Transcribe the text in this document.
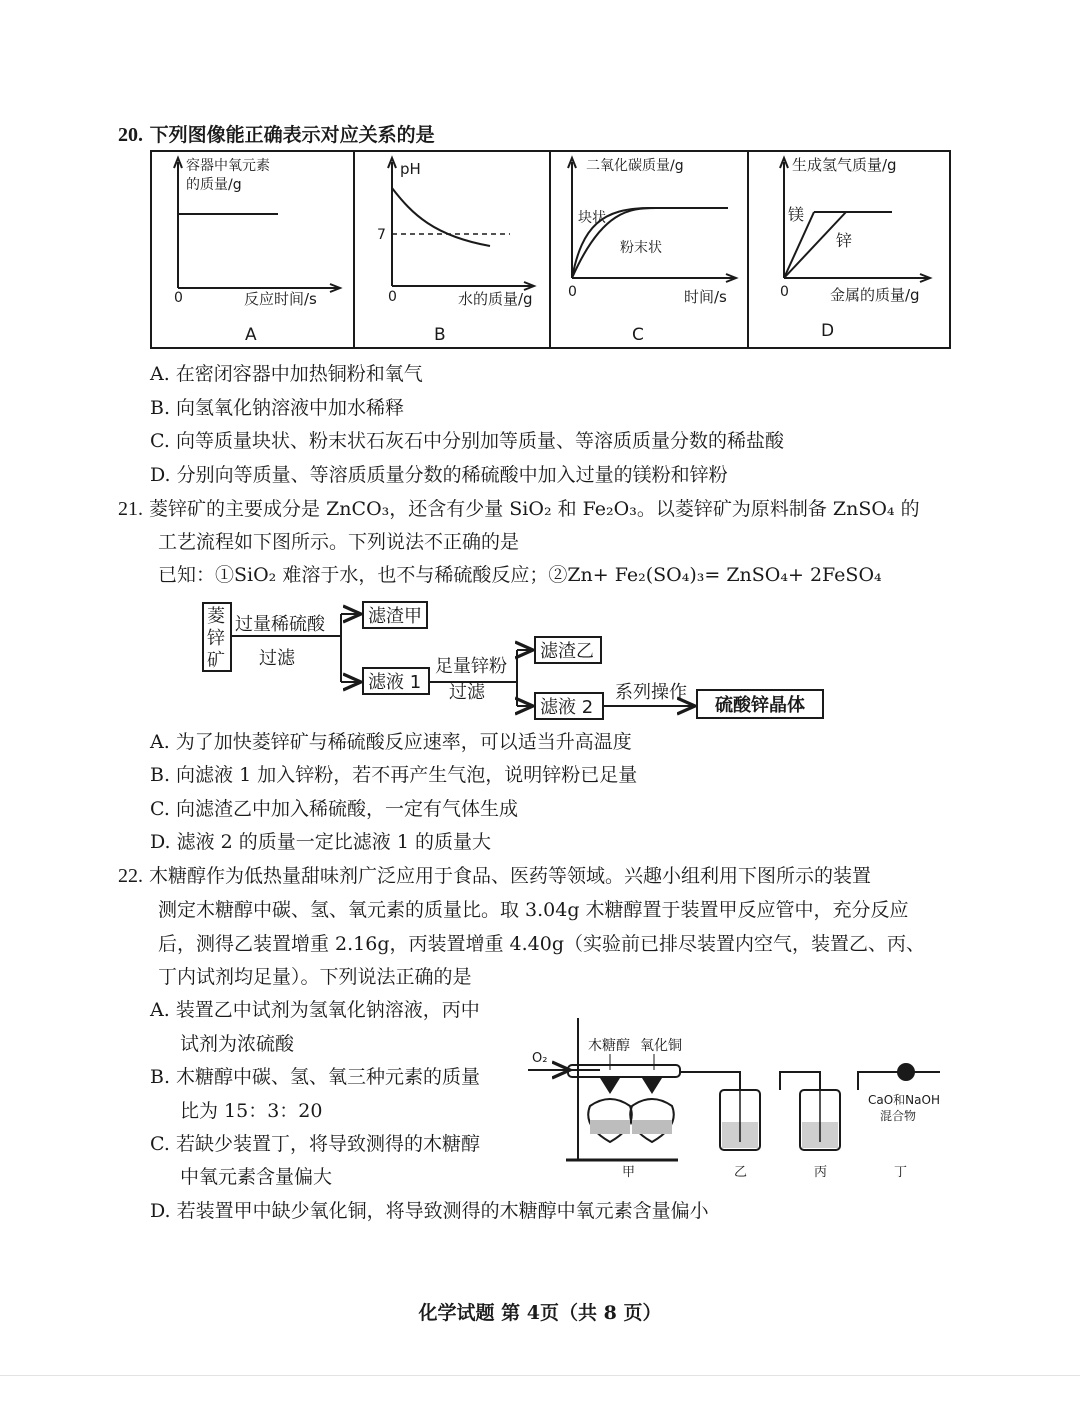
20. 下列图像能正确表示对应关系的是
容器中氧元素
的质量/g
0	反应时间/s
A
pH
7
0	水的质量/g
B
二氧化碳质量/g
块状
粉末状
0	时间/s
C
生成氢气质量/g
镁
锌
0	金属的质量/g
D
A. 在密闭容器中加热铜粉和氧气
B. 向氢氧化钠溶液中加水稀释
C. 向等质量块状、粉末状石灰石中分别加等质量、等溶质质量分数的稀盐酸
D. 分别向等质量、等溶质质量分数的稀硫酸中加入过量的镁粉和锌粉
21. 菱锌矿的主要成分是 ZnCO₃，还含有少量 SiO₂ 和 Fe₂O₃。以菱锌矿为原料制备 ZnSO₄ 的
工艺流程如下图所示。下列说法不正确的是
已知：①SiO₂ 难溶于水，也不与稀硫酸反应；②Zn+ Fe₂(SO₄)₃= ZnSO₄+ 2FeSO₄
菱
锌
矿
过量稀硫酸
过滤
滤渣甲
滤液 1
足量锌粉
过滤
滤渣乙
滤液 2
系列操作
硫酸锌晶体
A. 为了加快菱锌矿与稀硫酸反应速率，可以适当升高温度
B. 向滤液 1 加入锌粉，若不再产生气泡，说明锌粉已足量
C. 向滤渣乙中加入稀硫酸，一定有气体生成
D. 滤液 2 的质量一定比滤液 1 的质量大
22. 木糖醇作为低热量甜味剂广泛应用于食品、医药等领域。兴趣小组利用下图所示的装置
测定木糖醇中碳、氢、氧元素的质量比。取 3.04g 木糖醇置于装置甲反应管中，充分反应
后，测得乙装置增重 2.16g，丙装置增重 4.40g（实验前已排尽装置内空气，装置乙、丙、
丁内试剂均足量）。下列说法正确的是
A. 装置乙中试剂为氢氧化钠溶液，丙中
试剂为浓硫酸
B. 木糖醇中碳、氢、氧三种元素的质量
比为 15：3：20
C. 若缺少装置丁，将导致测得的木糖醇
中氧元素含量偏大
D. 若装置甲中缺少氧化铜，将导致测得的木糖醇中氧元素含量偏小
O₂
木糖醇 氧化铜
CaO和NaOH
混合物
甲	乙	丙	丁
化学试题 第 4页（共 8 页）
